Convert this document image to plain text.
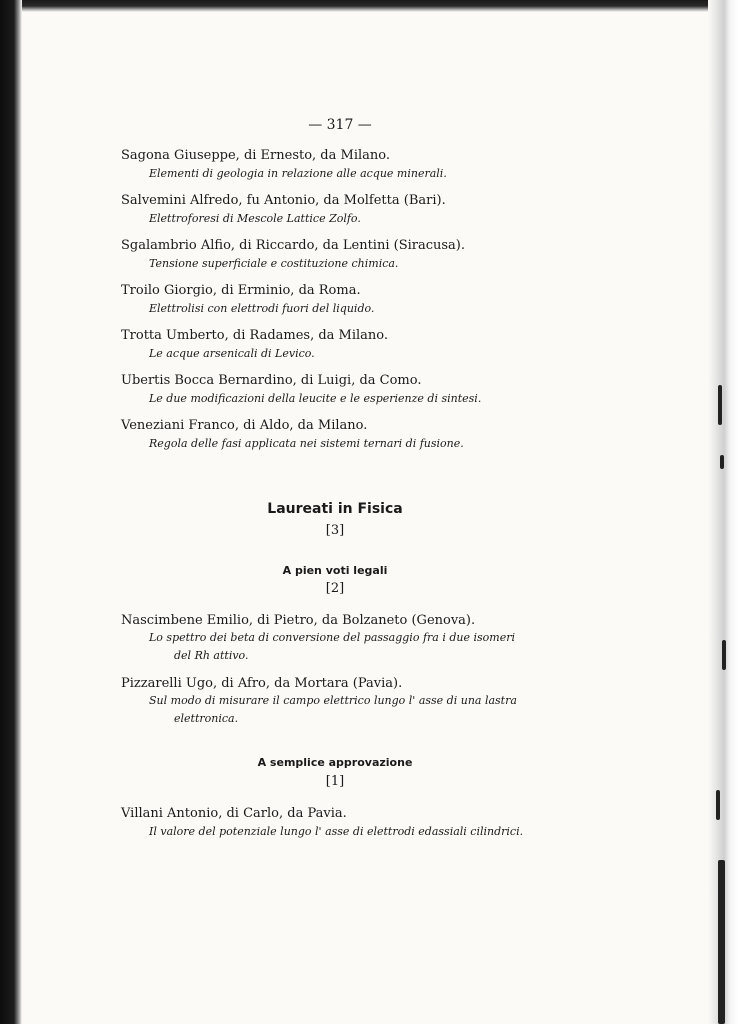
— 317 —
Sagona Giuseppe, di Ernesto, da Milano.
Elementi di geologia in relazione alle acque minerali.
Salvemini Alfredo, fu Antonio, da Molfetta (Bari).
Elettroforesi di Mescole Lattice Zolfo.
Sgalambrio Alfio, di Riccardo, da Lentini (Siracusa).
Tensione superficiale e costituzione chimica.
Troilo Giorgio, di Erminio, da Roma.
Elettrolisi con elettrodi fuori del liquido.
Trotta Umberto, di Radames, da Milano.
Le acque arsenicali di Levico.
Ubertis Bocca Bernardino, di Luigi, da Como.
Le due modificazioni della leucite e le esperienze di sintesi.
Veneziani Franco, di Aldo, da Milano.
Regola delle fasi applicata nei sistemi ternari di fusione.
Laureati in Fisica
[3]
A pien voti legali
[2]
Nascimbene Emilio, di Pietro, da Bolzaneto (Genova).
Lo spettro dei beta di conversione del passaggio fra i due isomeri
del Rh attivo.
Pizzarelli Ugo, di Afro, da Mortara (Pavia).
Sul modo di misurare il campo elettrico lungo l' asse di una lastra
elettronica.
A semplice approvazione
[1]
Villani Antonio, di Carlo, da Pavia.
Il valore del potenziale lungo l' asse di elettrodi edassiali cilindrici.
